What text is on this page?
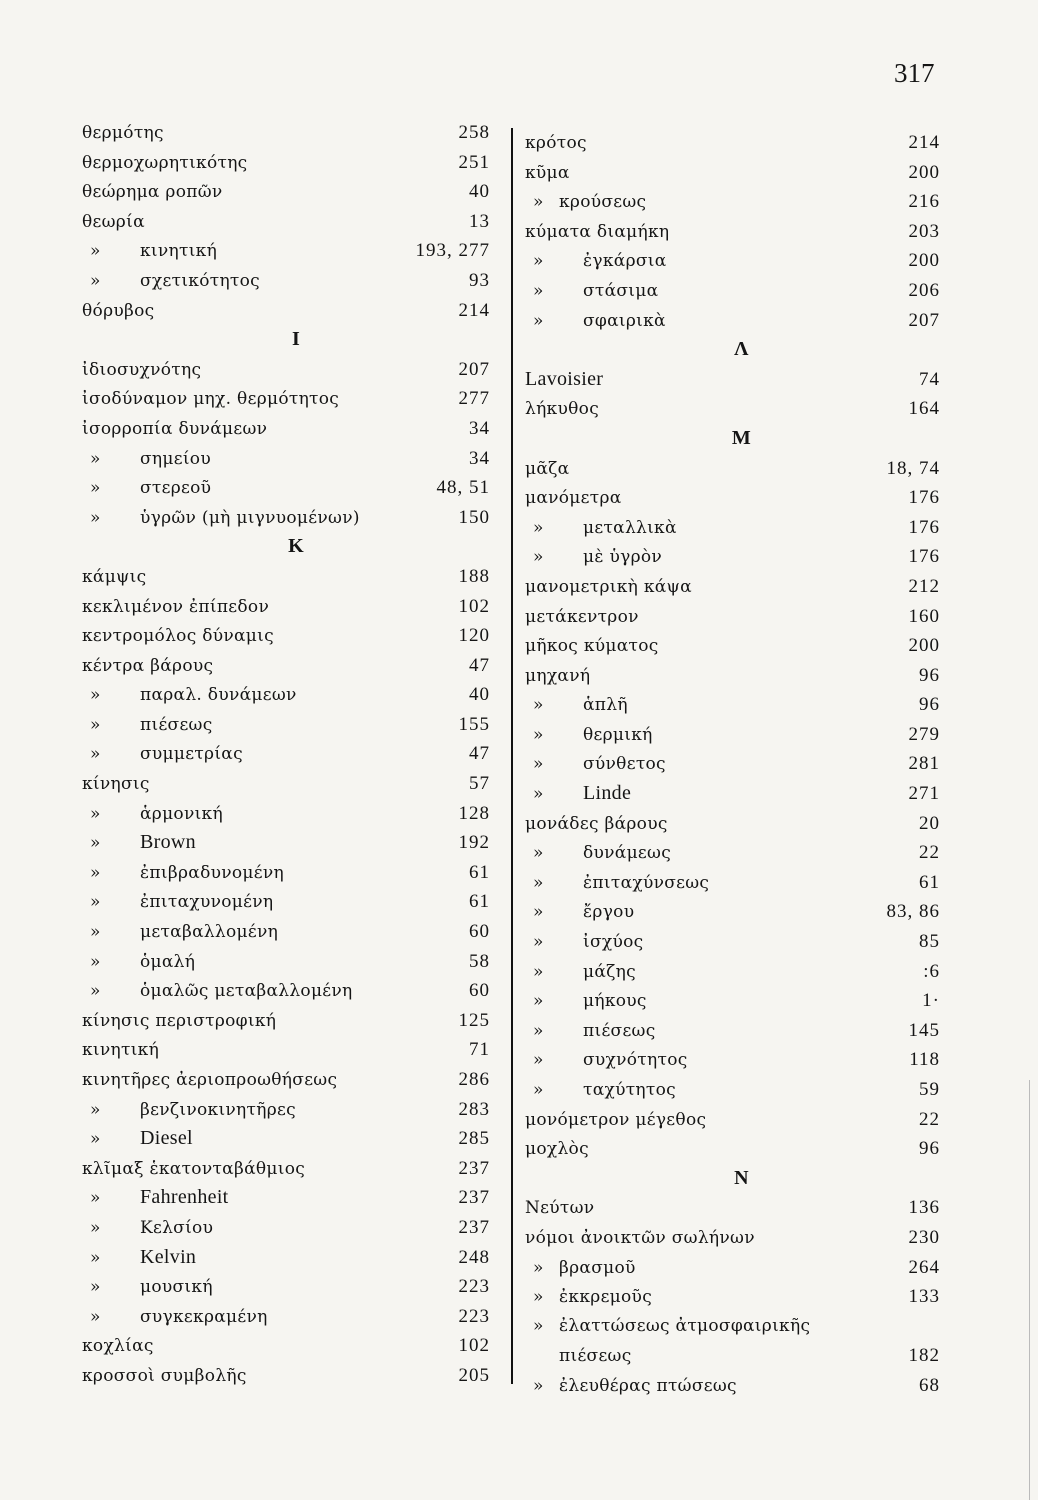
317
θερμότης	258
θερμοχωρητικότης	251
θεώρημα ροπῶν	40
θεωρία	13
» κινητική	193, 277
» σχετικότητος	93
θόρυβος	214
Ι
ἰδιοσυχνότης	207
ἰσοδύναμον μηχ. θερμότητος	277
ἰσορροπία δυνάμεων	34
» σημείου	34
» στερεοῦ	48, 51
» ὑγρῶν (μὴ μιγνυομένων)	150
Κ
κάμψις	188
κεκλιμένον ἐπίπεδον	102
κεντρομόλος δύναμις	120
κέντρα βάρους	47
» παραλ. δυνάμεων	40
» πιέσεως	155
» συμμετρίας	47
κίνησις	57
» ἁρμονική	128
» Brown	192
» ἐπιβραδυνομένη	61
» ἐπιταχυνομένη	61
» μεταβαλλομένη	60
» ὁμαλή	58
» ὁμαλῶς μεταβαλλομένη	60
κίνησις περιστροφική	125
κινητική	71
κινητῆρες ἀεριοπροωθήσεως	286
» βενζινοκινητῆρες	283
» Diesel	285
κλῖμαξ ἑκατονταβάθμιος	237
» Fahrenheit	237
» Κελσίου	237
» Kelvin	248
» μουσική	223
» συγκεκραμένη	223
κοχλίας	102
κροσσοὶ συμβολῆς	205
κρότος	214
κῦμα	200
» κρούσεως	216
κύματα διαμήκη	203
» ἐγκάρσια	200
» στάσιμα	206
» σφαιρικὰ	207
Λ
Lavoisier	74
λήκυθος	164
Μ
μᾶζα	18, 74
μανόμετρα	176
» μεταλλικὰ	176
» μὲ ὑγρὸν	176
μανομετρικὴ κάψα	212
μετάκεντρον	160
μῆκος κύματος	200
μηχανή	96
» ἁπλῆ	96
» θερμική	279
» σύνθετος	281
» Linde	271
μονάδες βάρους	20
» δυνάμεως	22
» ἐπιταχύνσεως	61
» ἔργου	83, 86
» ἰσχύος	85
» μάζης	:6
» μήκους	1·
» πιέσεως	145
» συχνότητος	118
» ταχύτητος	59
μονόμετρον μέγεθος	22
μοχλὸς	96
Ν
Νεύτων	136
νόμοι ἀνοικτῶν σωλήνων	230
» βρασμοῦ	264
» ἐκκρεμοῦς	133
» ἐλαττώσεως ἀτμοσφαιρικῆς
πιέσεως	182
» ἐλευθέρας πτώσεως	68
